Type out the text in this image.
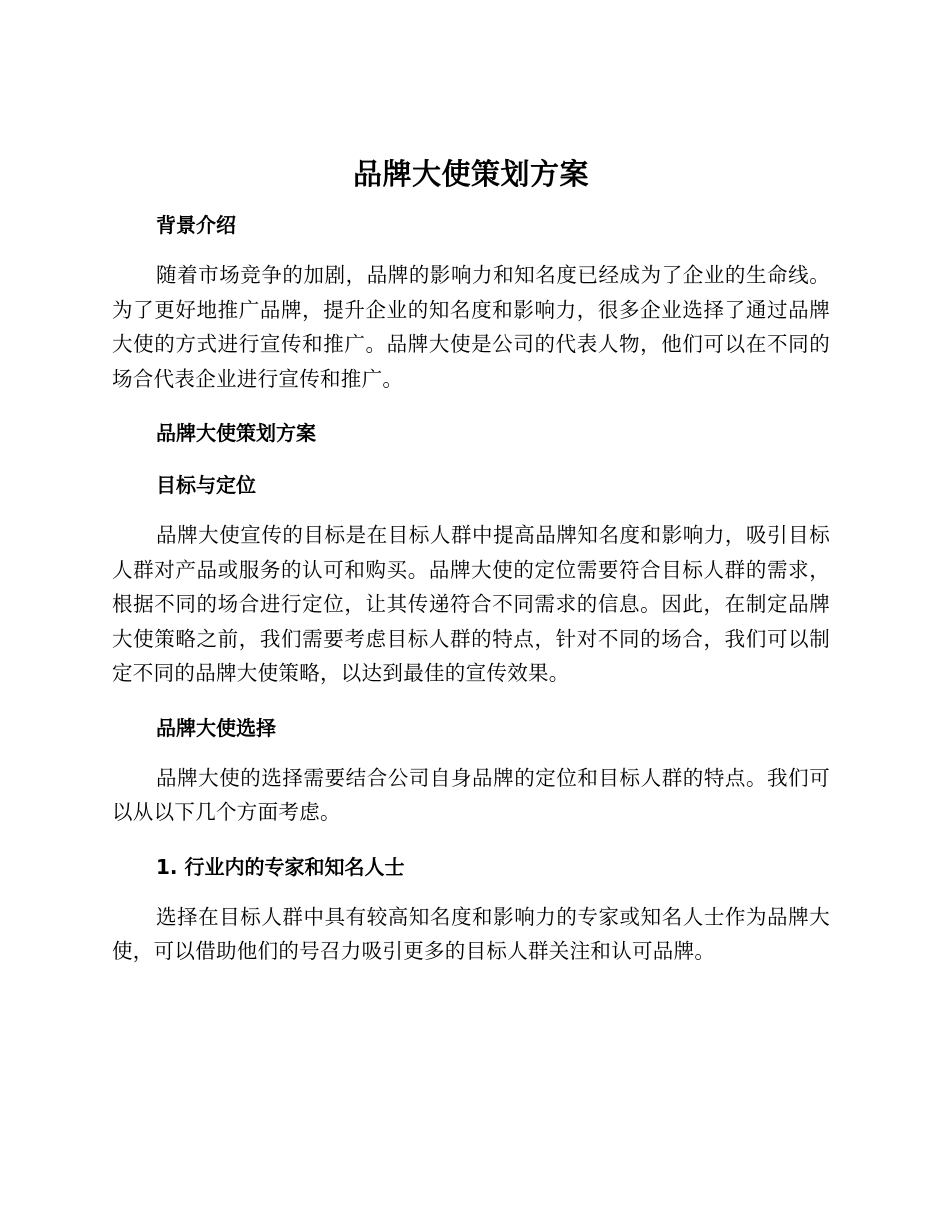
品牌大使策划方案
背景介绍

随着市场竞争的加剧，品牌的影响力和知名度已经成为了企业的生命线。为了更好地推广品牌，提升企业的知名度和影响力，很多企业选择了通过品牌大使的方式进行宣传和推广。品牌大使是公司的代表人物，他们可以在不同的场合代表企业进行宣传和推广。

品牌大使策划方案
目标与定位

品牌大使宣传的目标是在目标人群中提高品牌知名度和影响力，吸引目标人群对产品或服务的认可和购买。品牌大使的定位需要符合目标人群的需求，根据不同的场合进行定位，让其传递符合不同需求的信息。因此，在制定品牌大使策略之前，我们需要考虑目标人群的特点，针对不同的场合，我们可以制定不同的品牌大使策略，以达到最佳的宣传效果。

品牌大使选择

品牌大使的选择需要结合公司自身品牌的定位和目标人群的特点。我们可以从以下几个方面考虑。

1. 行业内的专家和知名人士

选择在目标人群中具有较高知名度和影响力的专家或知名人士作为品牌大使，可以借助他们的号召力吸引更多的目标人群关注和认可品牌。
